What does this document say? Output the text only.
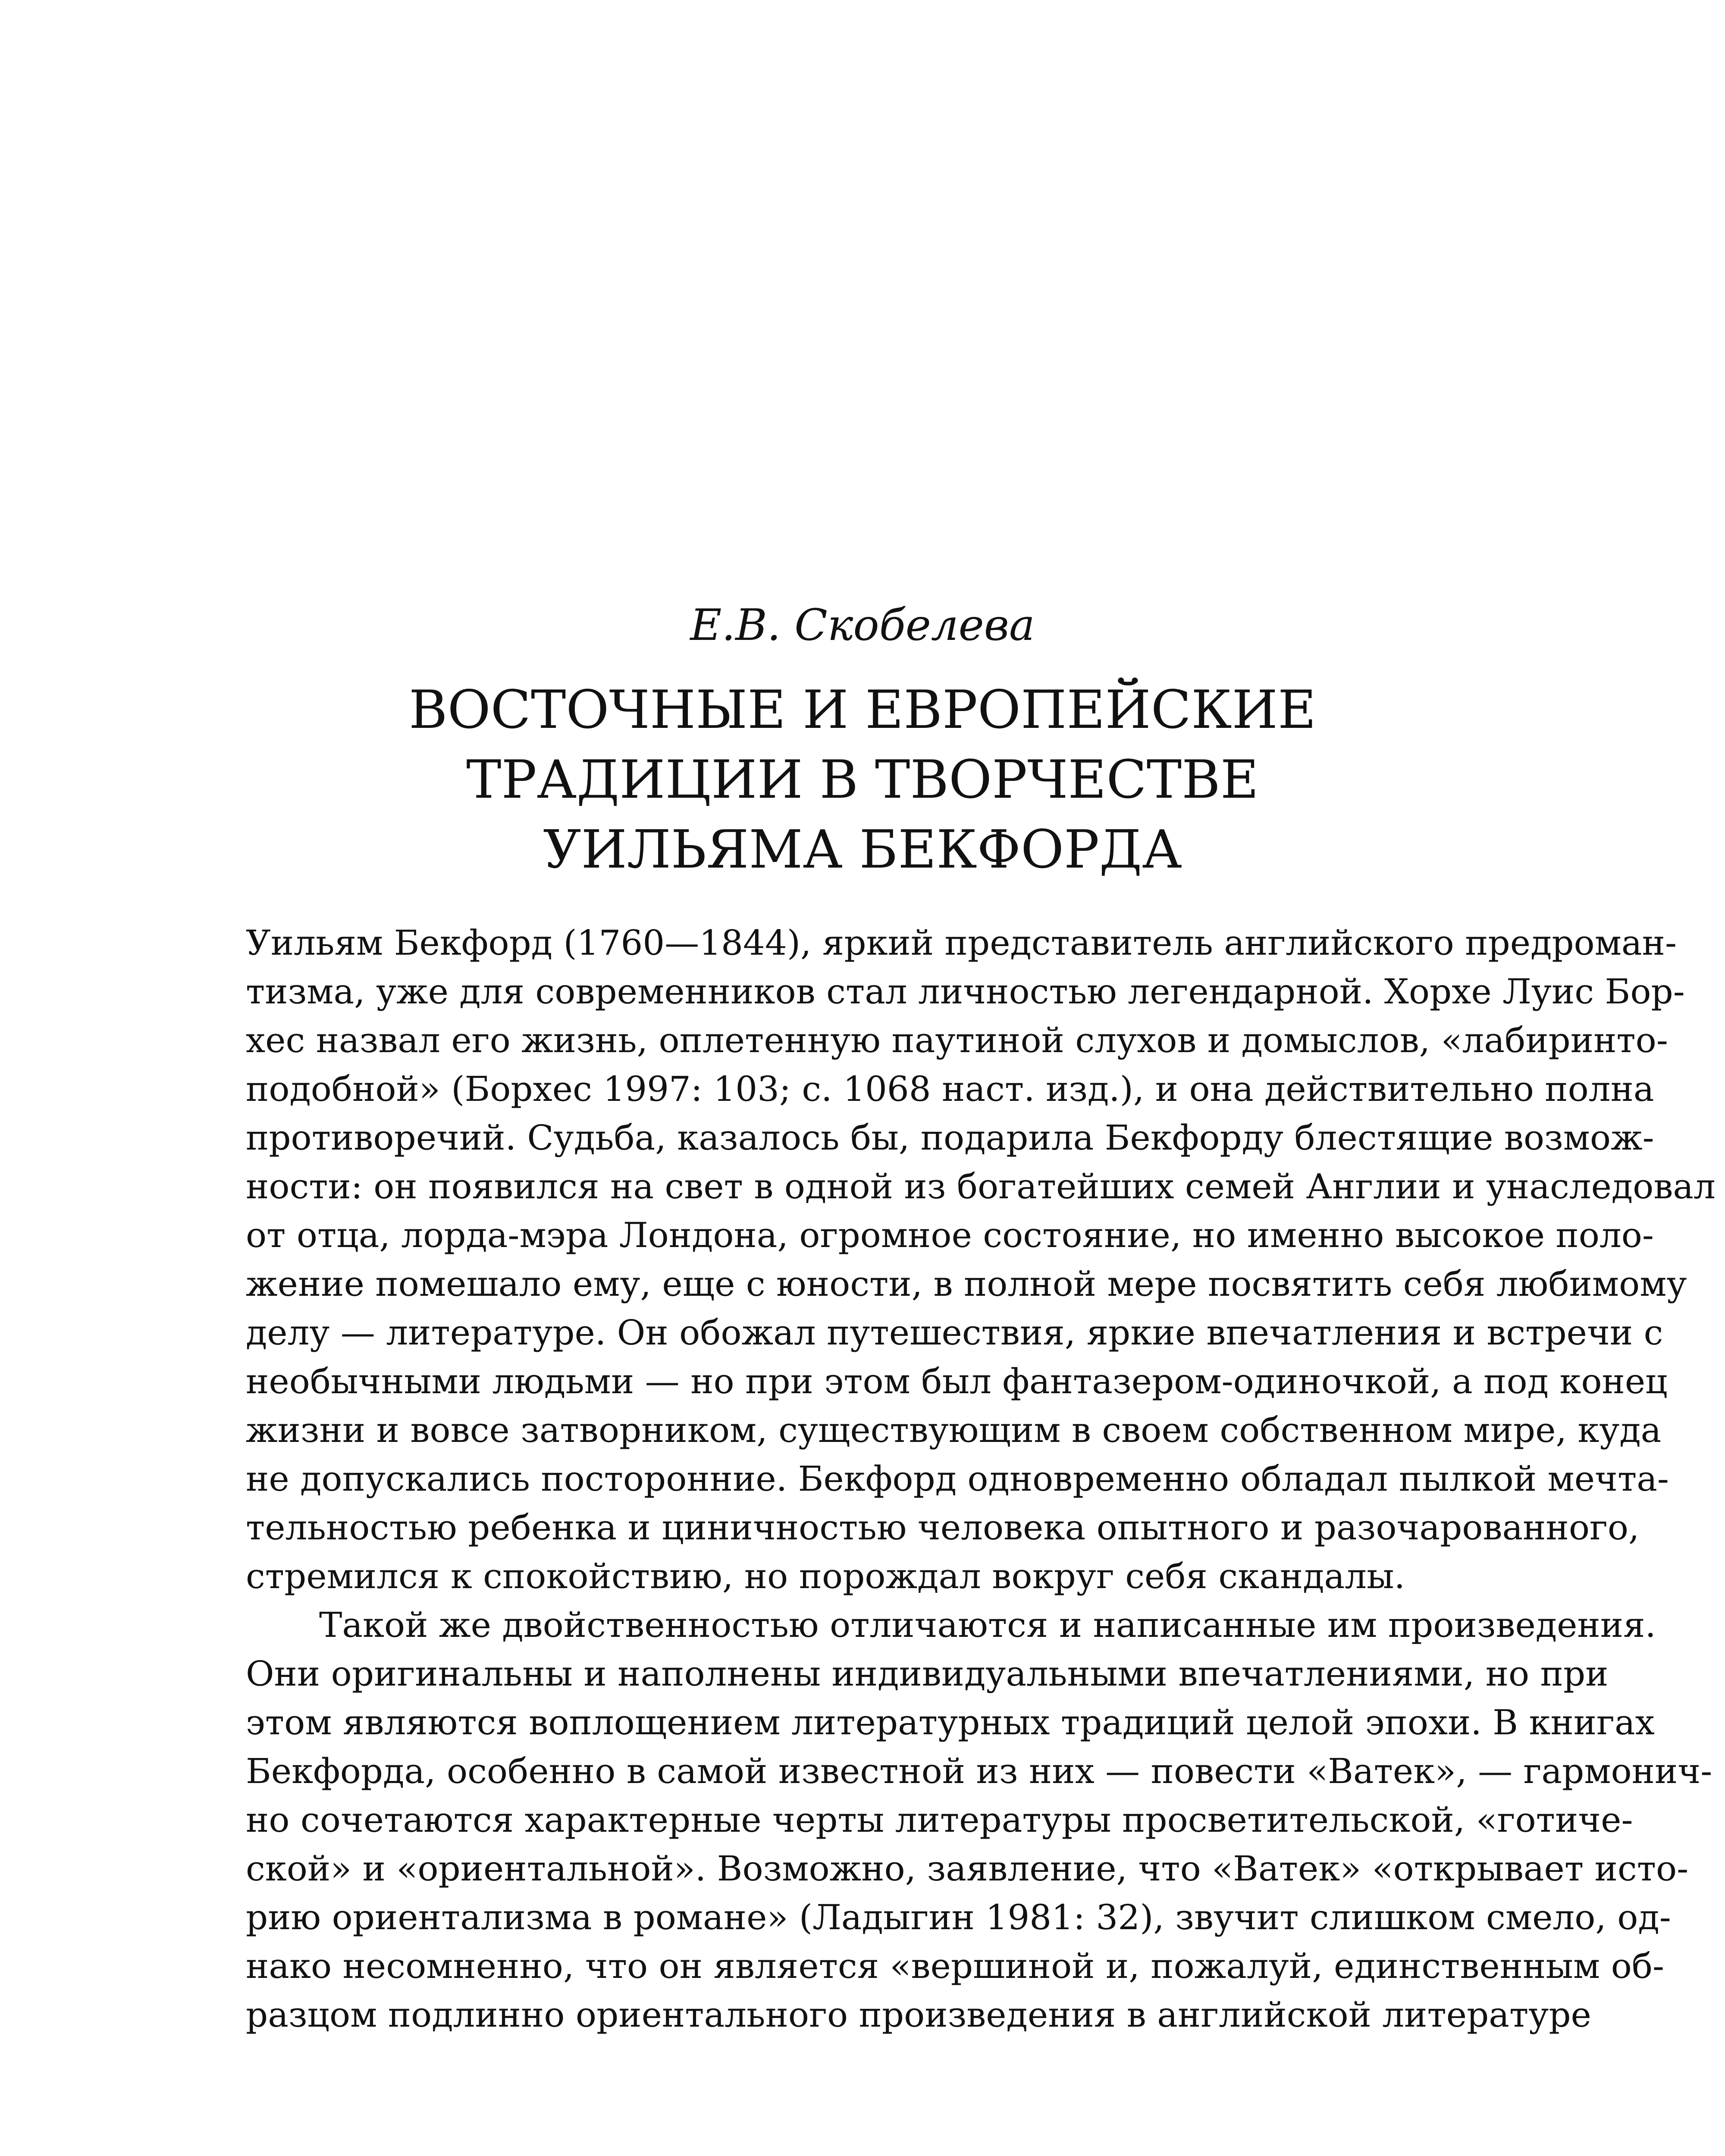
Е.В. Скобелева
ВОСТОЧНЫЕ И ЕВРОПЕЙСКИЕ
ТРАДИЦИИ В ТВОРЧЕСТВЕ
УИЛЬЯМА БЕКФОРДА
Уильям Бекфорд (1760—1844), яркий представитель английского предроман-
тизма, уже для современников стал личностью легендарной. Хорхе Луис Бор-
хес назвал его жизнь, оплетенную паутиной слухов и домыслов, «лабиринто-
подобной» (Борхес 1997: 103; с. 1068 наст. изд.), и она действительно полна
противоречий. Судьба, казалось бы, подарила Бекфорду блестящие возмож-
ности: он появился на свет в одной из богатейших семей Англии и унаследовал
от отца, лорда-мэра Лондона, огромное состояние, но именно высокое поло-
жение помешало ему, еще с юности, в полной мере посвятить себя любимому
делу — литературе. Он обожал путешествия, яркие впечатления и встречи с
необычными людьми — но при этом был фантазером-одиночкой, а под конец
жизни и вовсе затворником, существующим в своем собственном мире, куда
не допускались посторонние. Бекфорд одновременно обладал пылкой мечта-
тельностью ребенка и циничностью человека опытного и разочарованного,
стремился к спокойствию, но порождал вокруг себя скандалы.
Такой же двойственностью отличаются и написанные им произведения.
Они оригинальны и наполнены индивидуальными впечатлениями, но при
этом являются воплощением литературных традиций целой эпохи. В книгах
Бекфорда, особенно в самой известной из них — повести «Ватек», — гармонич-
но сочетаются характерные черты литературы просветительской, «готиче-
ской» и «ориентальной». Возможно, заявление, что «Ватек» «открывает исто-
рию ориентализма в романе» (Ладыгин 1981: 32), звучит слишком смело, од-
нако несомненно, что он является «вершиной и, пожалуй, единственным об-
разцом подлинно ориентального произведения в английской литературе
